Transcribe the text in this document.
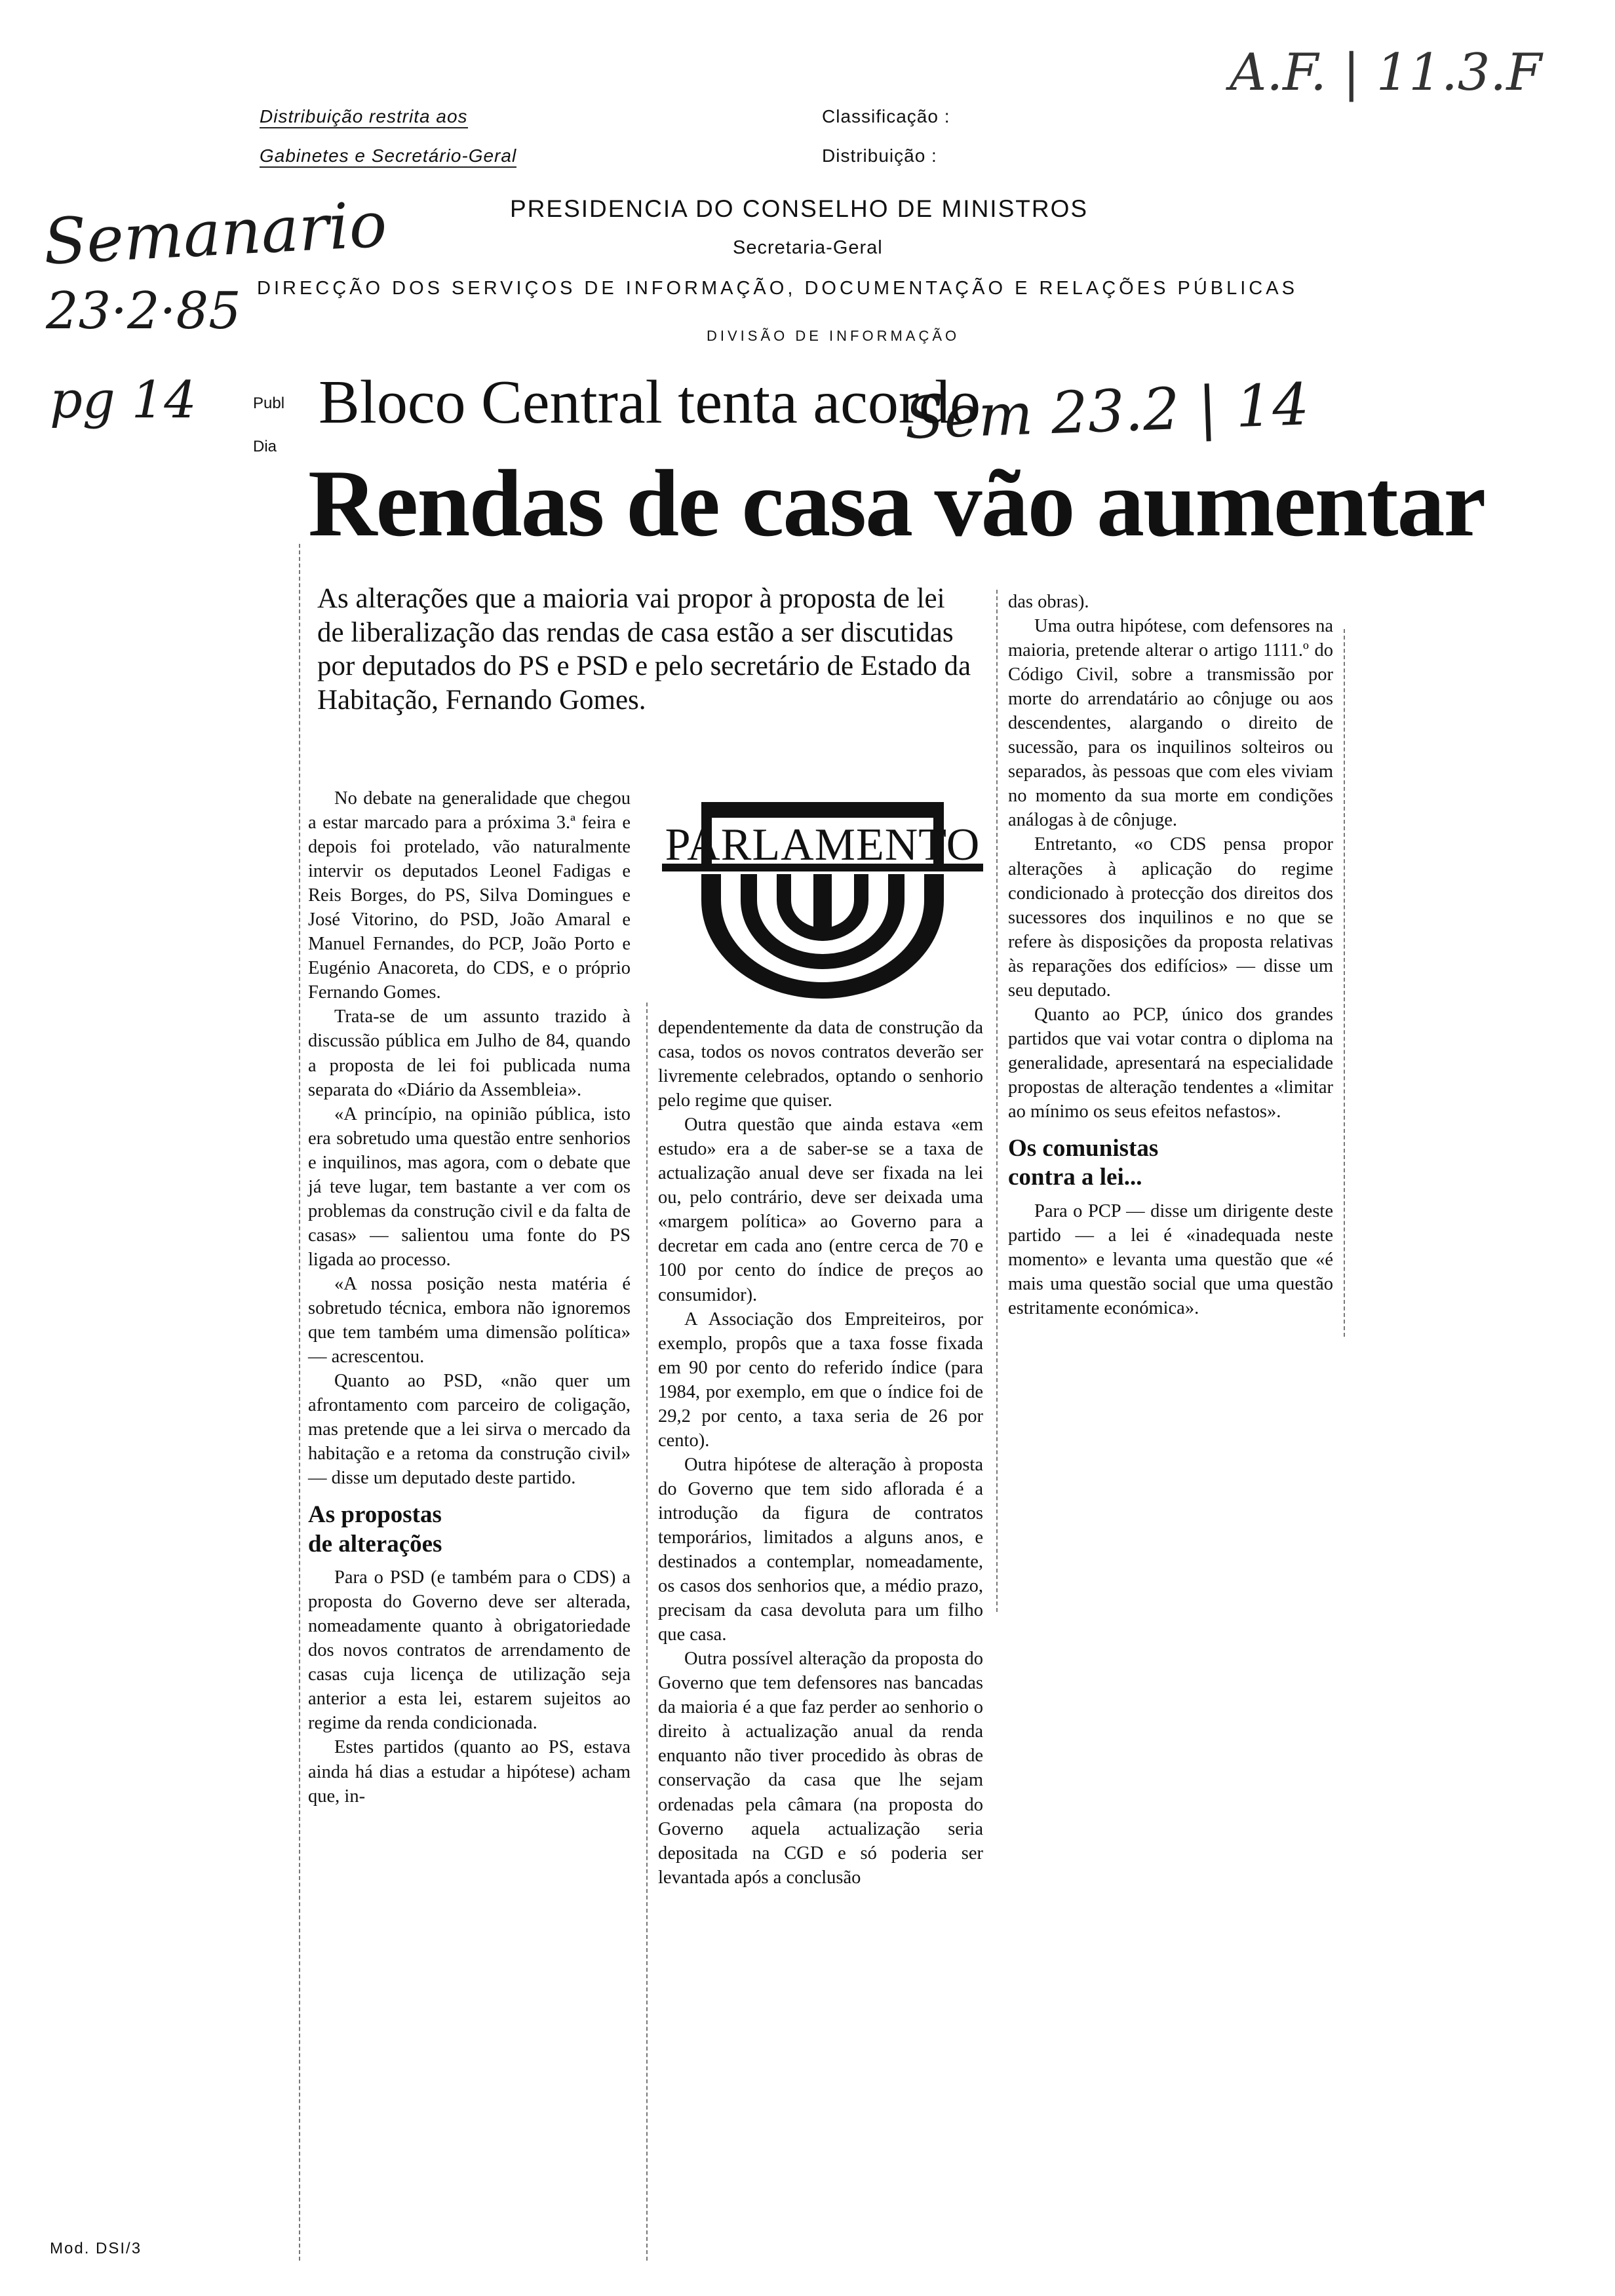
Distribuição restrita aos
Gabinetes e Secretário-Geral
Classificação :
Distribuição :
PRESIDENCIA DO CONSELHO DE MINISTROS
Secretaria-Geral
DIRECÇÃO DOS SERVIÇOS DE INFORMAÇÃO, DOCUMENTAÇÃO E RELAÇÕES PÚBLICAS
DIVISÃO DE INFORMAÇÃO
Semanario
23·2·85
pg 14
A.F. | 11.3.F
Sem 23.2 | 14
Publ
Dia
Bloco Central tenta acordo
Rendas de casa vão aumentar
As alterações que a maioria vai propor à proposta de lei de liberalização das rendas de casa estão a ser discutidas por deputados do PS e PSD e pelo secretário de Estado da Habitação, Fernando Gomes.

No debate na generalidade que chegou a estar marcado para a próxima 3.ª feira e depois foi protelado, vão naturalmente intervir os deputados Leonel Fadigas e Reis Borges, do PS, Silva Domingues e José Vitorino, do PSD, João Amaral e Manuel Fernandes, do PCP, João Porto e Eugénio Anacoreta, do CDS, e o próprio Fernando Gomes.

Trata-se de um assunto trazido à discussão pública em Julho de 84, quando a proposta de lei foi publicada numa separata do «Diário da Assembleia».

«A princípio, na opinião pública, isto era sobretudo uma questão entre senhorios e inquilinos, mas agora, com o debate que já teve lugar, tem bastante a ver com os problemas da construção civil e da falta de casas» — salientou uma fonte do PS ligada ao processo.

«A nossa posição nesta matéria é sobretudo técnica, embora não ignoremos que tem também uma dimensão política» — acrescentou.

Quanto ao PSD, «não quer um afrontamento com parceiro de coligação, mas pretende que a lei sirva o mercado da habitação e a retoma da construção civil» — disse um deputado deste partido.

As propostas
de alterações

Para o PSD (e também para o CDS) a proposta do Governo deve ser alterada, nomeadamente quanto à obrigatoriedade dos novos contratos de arrendamento de casas cuja licença de utilização seja anterior a esta lei, estarem sujeitos ao regime da renda condicionada.

Estes partidos (quanto ao PS, estava ainda há dias a estudar a hipótese) acham que, in-

PARLAMENTO

dependentemente da data de construção da casa, todos os novos contratos deverão ser livremente celebrados, optando o senhorio pelo regime que quiser.

Outra questão que ainda estava «em estudo» era a de saber-se se a taxa de actualização anual deve ser fixada na lei ou, pelo contrário, deve ser deixada uma «margem política» ao Governo para a decretar em cada ano (entre cerca de 70 e 100 por cento do índice de preços ao consumidor).

A Associação dos Empreiteiros, por exemplo, propôs que a taxa fosse fixada em 90 por cento do referido índice (para 1984, por exemplo, em que o índice foi de 29,2 por cento, a taxa seria de 26 por cento).

Outra hipótese de alteração à proposta do Governo que tem sido aflorada é a introdução da figura de contratos temporários, limitados a alguns anos, e destinados a contemplar, nomeadamente, os casos dos senhorios que, a médio prazo, precisam da casa devoluta para um filho que casa.

Outra possível alteração da proposta do Governo que tem defensores nas bancadas da maioria é a que faz perder ao senhorio o direito à actualização anual da renda enquanto não tiver procedido às obras de conservação da casa que lhe sejam ordenadas pela câmara (na proposta do Governo aquela actualização seria depositada na CGD e só poderia ser levantada após a conclusão

das obras).

Uma outra hipótese, com defensores na maioria, pretende alterar o artigo 1111.º do Código Civil, sobre a transmissão por morte do arrendatário ao cônjuge ou aos descendentes, alargando o direito de sucessão, para os inquilinos solteiros ou separados, às pessoas que com eles viviam no momento da sua morte em condições análogas à de cônjuge.

Entretanto, «o CDS pensa propor alterações à aplicação do regime condicionado à protecção dos direitos dos sucessores dos inquilinos e no que se refere às disposições da proposta relativas às reparações dos edifícios» — disse um seu deputado.

Quanto ao PCP, único dos grandes partidos que vai votar contra o diploma na generalidade, apresentará na especialidade propostas de alteração tendentes a «limitar ao mínimo os seus efeitos nefastos».

Os comunistas
contra a lei...

Para o PCP — disse um dirigente deste partido — a lei é «inadequada neste momento» e levanta uma questão que «é mais uma questão social que uma questão estritamente económica».

Mod. DSI/3
